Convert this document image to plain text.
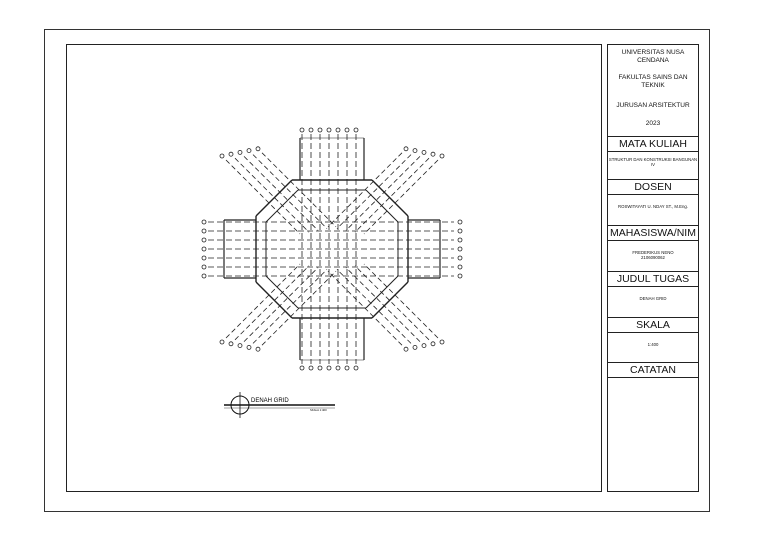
DENAH GRID
SKALA 1:400
UNIVERSITAS NUSA CENDANA
FAKULTAS SAINS DAN TEKNIK
JURUSAN ARSITEKTUR
2023
MATA KULIAH
STRUKTUR DAN KONSTRUKSI BANGUNAN IV
DOSEN
ROSWITAYATI U. NDAY ST., M.Eng.
MAHASISWA/NIM
FREDERIKUS NENO
2106090062
JUDUL TUGAS
DENAH GRID
SKALA
1:400
CATATAN
